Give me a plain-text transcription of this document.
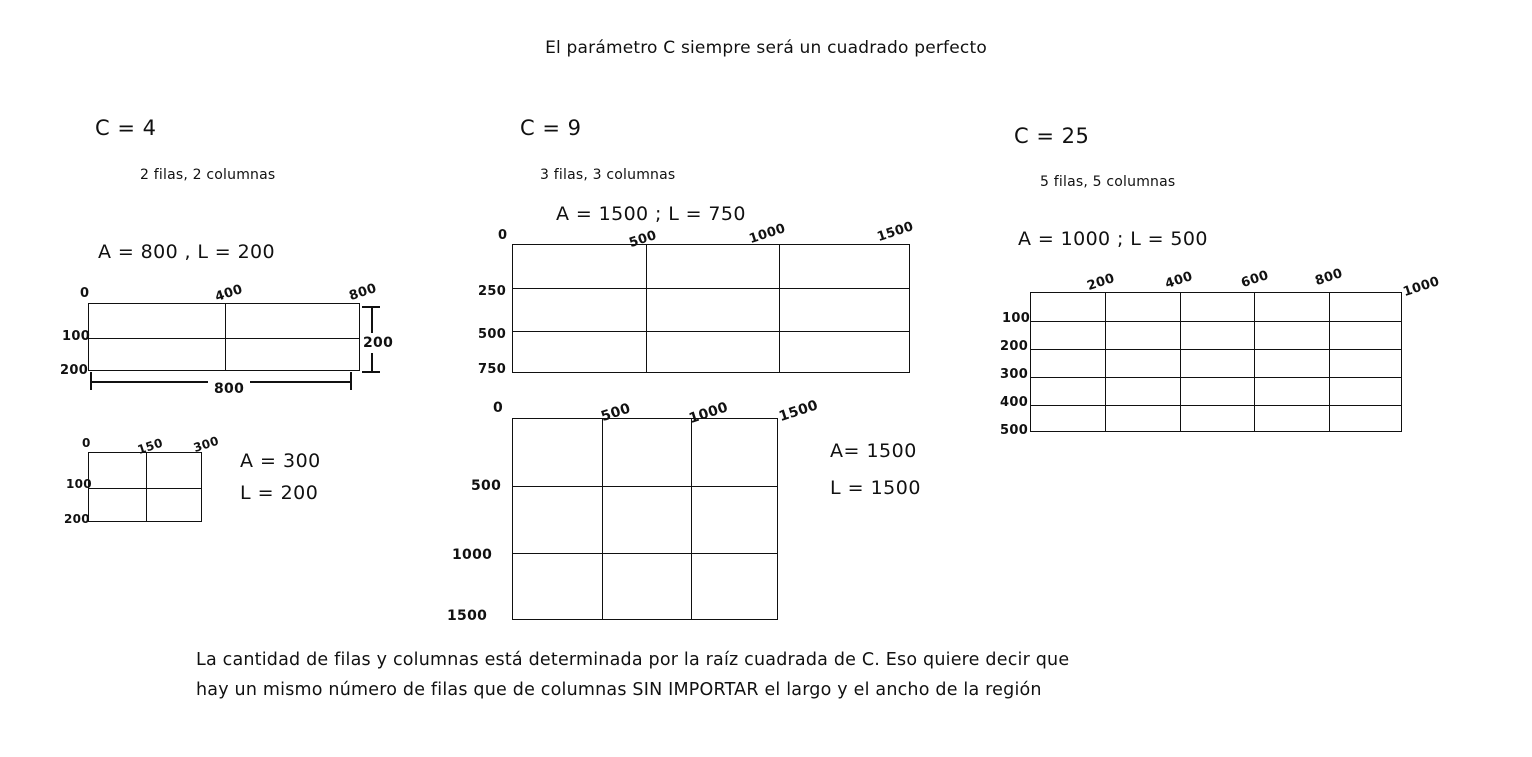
El parámetro C siempre será un cuadrado perfecto
C = 4
2 filas, 2 columnas
A = 800 , L = 200
0	400	800
100
200
800
200
0	150 300
100
200
A = 300
L = 200
C = 9
3 filas, 3 columnas
A = 1500 ; L = 750
0	500	1000	1500
250
500
750
0	500	1000	1500
500
1000
1500
A= 1500
L = 1500
C = 25
5 filas, 5 columnas
A = 1000 ; L = 500
200	400	600	800	1000
100
200
300
400
500
La cantidad de filas y columnas está determinada por la raíz cuadrada de C. Eso quiere decir que
hay un mismo número de filas que de columnas SIN IMPORTAR el largo y el ancho de la región
